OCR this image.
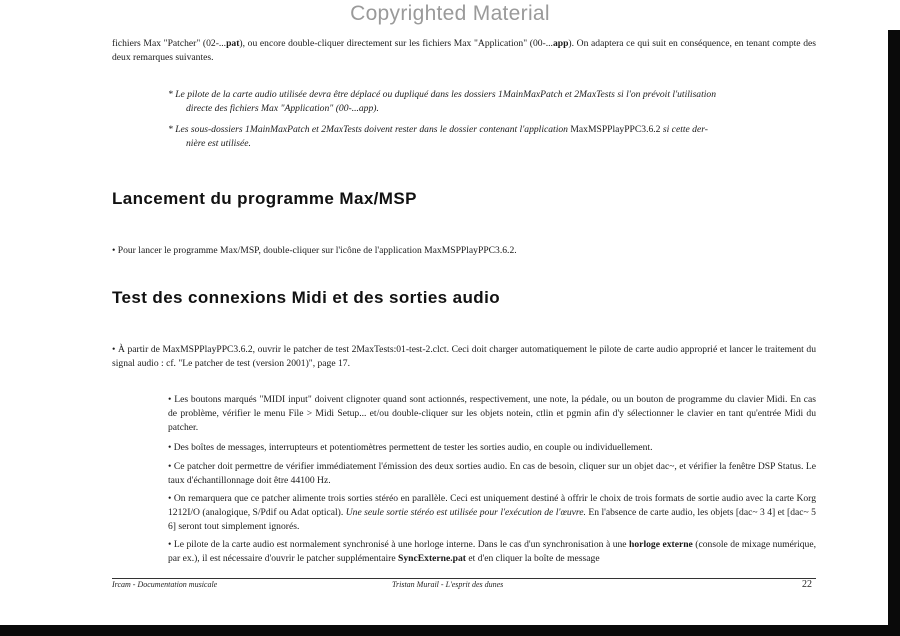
Copyrighted Material

fichiers Max "Patcher" (02-...pat), ou encore double-cliquer directement sur les fichiers Max "Application" (00-...app). On adaptera ce qui suit en conséquence, en tenant compte des deux remarques suivantes.

* Le pilote de la carte audio utilisée devra être déplacé ou dupliqué dans les dossiers 1MainMaxPatch et 2MaxTests si l'on prévoit l'utilisation
directe des fichiers Max "Application" (00-...app).

* Les sous-dossiers 1MainMaxPatch et 2MaxTests doivent rester dans le dossier contenant l'application MaxMSPPlayPPC3.6.2 si cette der-
nière est utilisée.

Lancement du programme Max/MSP

• Pour lancer le programme Max/MSP, double-cliquer sur l'icône de l'application MaxMSPPlayPPC3.6.2.

Test des connexions Midi et des sorties audio

• À partir de MaxMSPPlayPPC3.6.2, ouvrir le patcher de test 2MaxTests:01-test-2.clct. Ceci doit charger automatiquement le pilote de carte audio approprié et lancer le traitement du signal audio : cf. "Le patcher de test (version 2001)", page 17.

• Les boutons marqués "MIDI input" doivent clignoter quand sont actionnés, respectivement, une note, la pédale, ou un bouton de programme du clavier Midi. En cas de problème, vérifier le menu File > Midi Setup... et/ou double-cliquer sur les objets notein, ctlin et pgmin afin d'y sélectionner le clavier en tant qu'entrée Midi du patcher.

• Des boîtes de messages, interrupteurs et potentiomètres permettent de tester les sorties audio, en couple ou individuellement.

• Ce patcher doit permettre de vérifier immédiatement l'émission des deux sorties audio. En cas de besoin, cliquer sur un objet dac~, et vérifier la fenêtre DSP Status. Le taux d'échantillonnage doit être 44100 Hz.

• On remarquera que ce patcher alimente trois sorties stéréo en parallèle. Ceci est uniquement destiné à offrir le choix de trois formats de sortie audio avec la carte Korg 1212I/O (analogique, S/Pdif ou Adat optical). Une seule sortie stéréo est utilisée pour l'exécution de l'œuvre. En l'absence de carte audio, les objets [dac~ 3 4] et [dac~ 5 6] seront tout simplement ignorés.

• Le pilote de la carte audio est normalement synchronisé à une horloge interne. Dans le cas d'un synchronisation à une horloge externe (console de mixage numérique, par ex.), il est nécessaire d'ouvrir le patcher supplémentaire SyncExterne.pat et d'en cliquer la boîte de message

Ircam - Documentation musicale	Tristan Murail - L'esprit des dunes	22
